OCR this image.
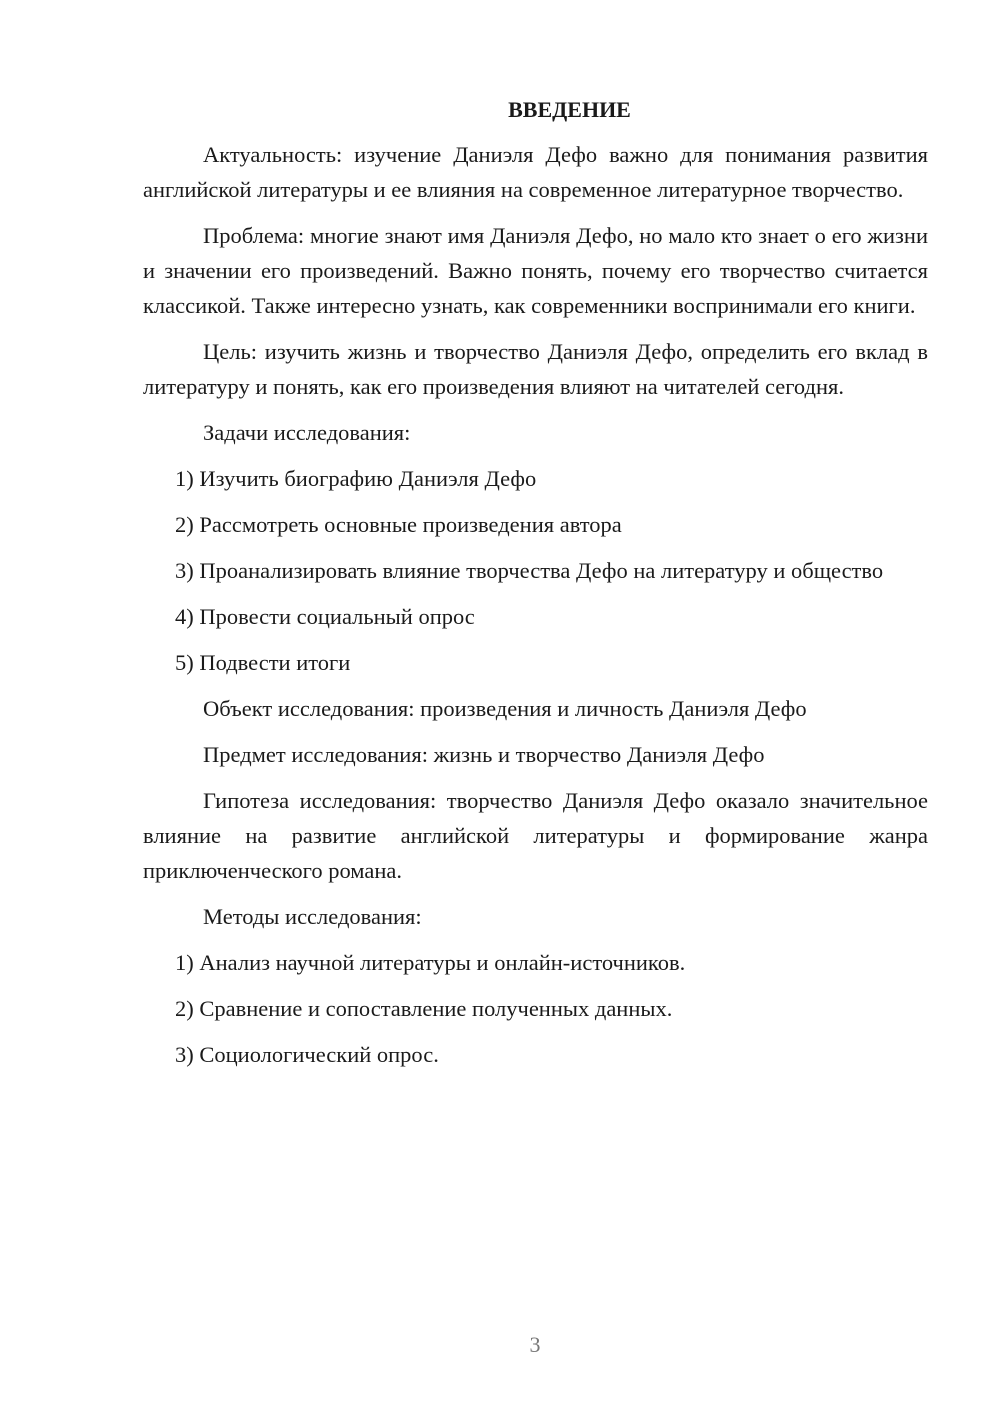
ВВЕДЕНИЕ

Актуальность: изучение Даниэля Дефо важно для понимания развития английской литературы и ее влияния на современное литературное творчество.

Проблема: многие знают имя Даниэля Дефо, но мало кто знает о его жизни и значении его произведений. Важно понять, почему его творчество считается классикой. Также интересно узнать, как современники воспринимали его книги.

Цель: изучить жизнь и творчество Даниэля Дефо, определить его вклад в литературу и понять, как его произведения влияют на читателей сегодня.

Задачи исследования:
1) Изучить биографию Даниэля Дефо
2) Рассмотреть основные произведения автора
3) Проанализировать влияние творчества Дефо на литературу и общество
4) Провести социальный опрос
5) Подвести итоги
Объект исследования: произведения и личность Даниэля Дефо
Предмет исследования: жизнь и творчество Даниэля Дефо

Гипотеза исследования: творчество Даниэля Дефо оказало значительное влияние на развитие английской литературы и формирование жанра приключенческого романа.

Методы исследования:
1) Анализ научной литературы и онлайн-источников.
2) Сравнение и сопоставление полученных данных.
3) Социологический опрос.
3
